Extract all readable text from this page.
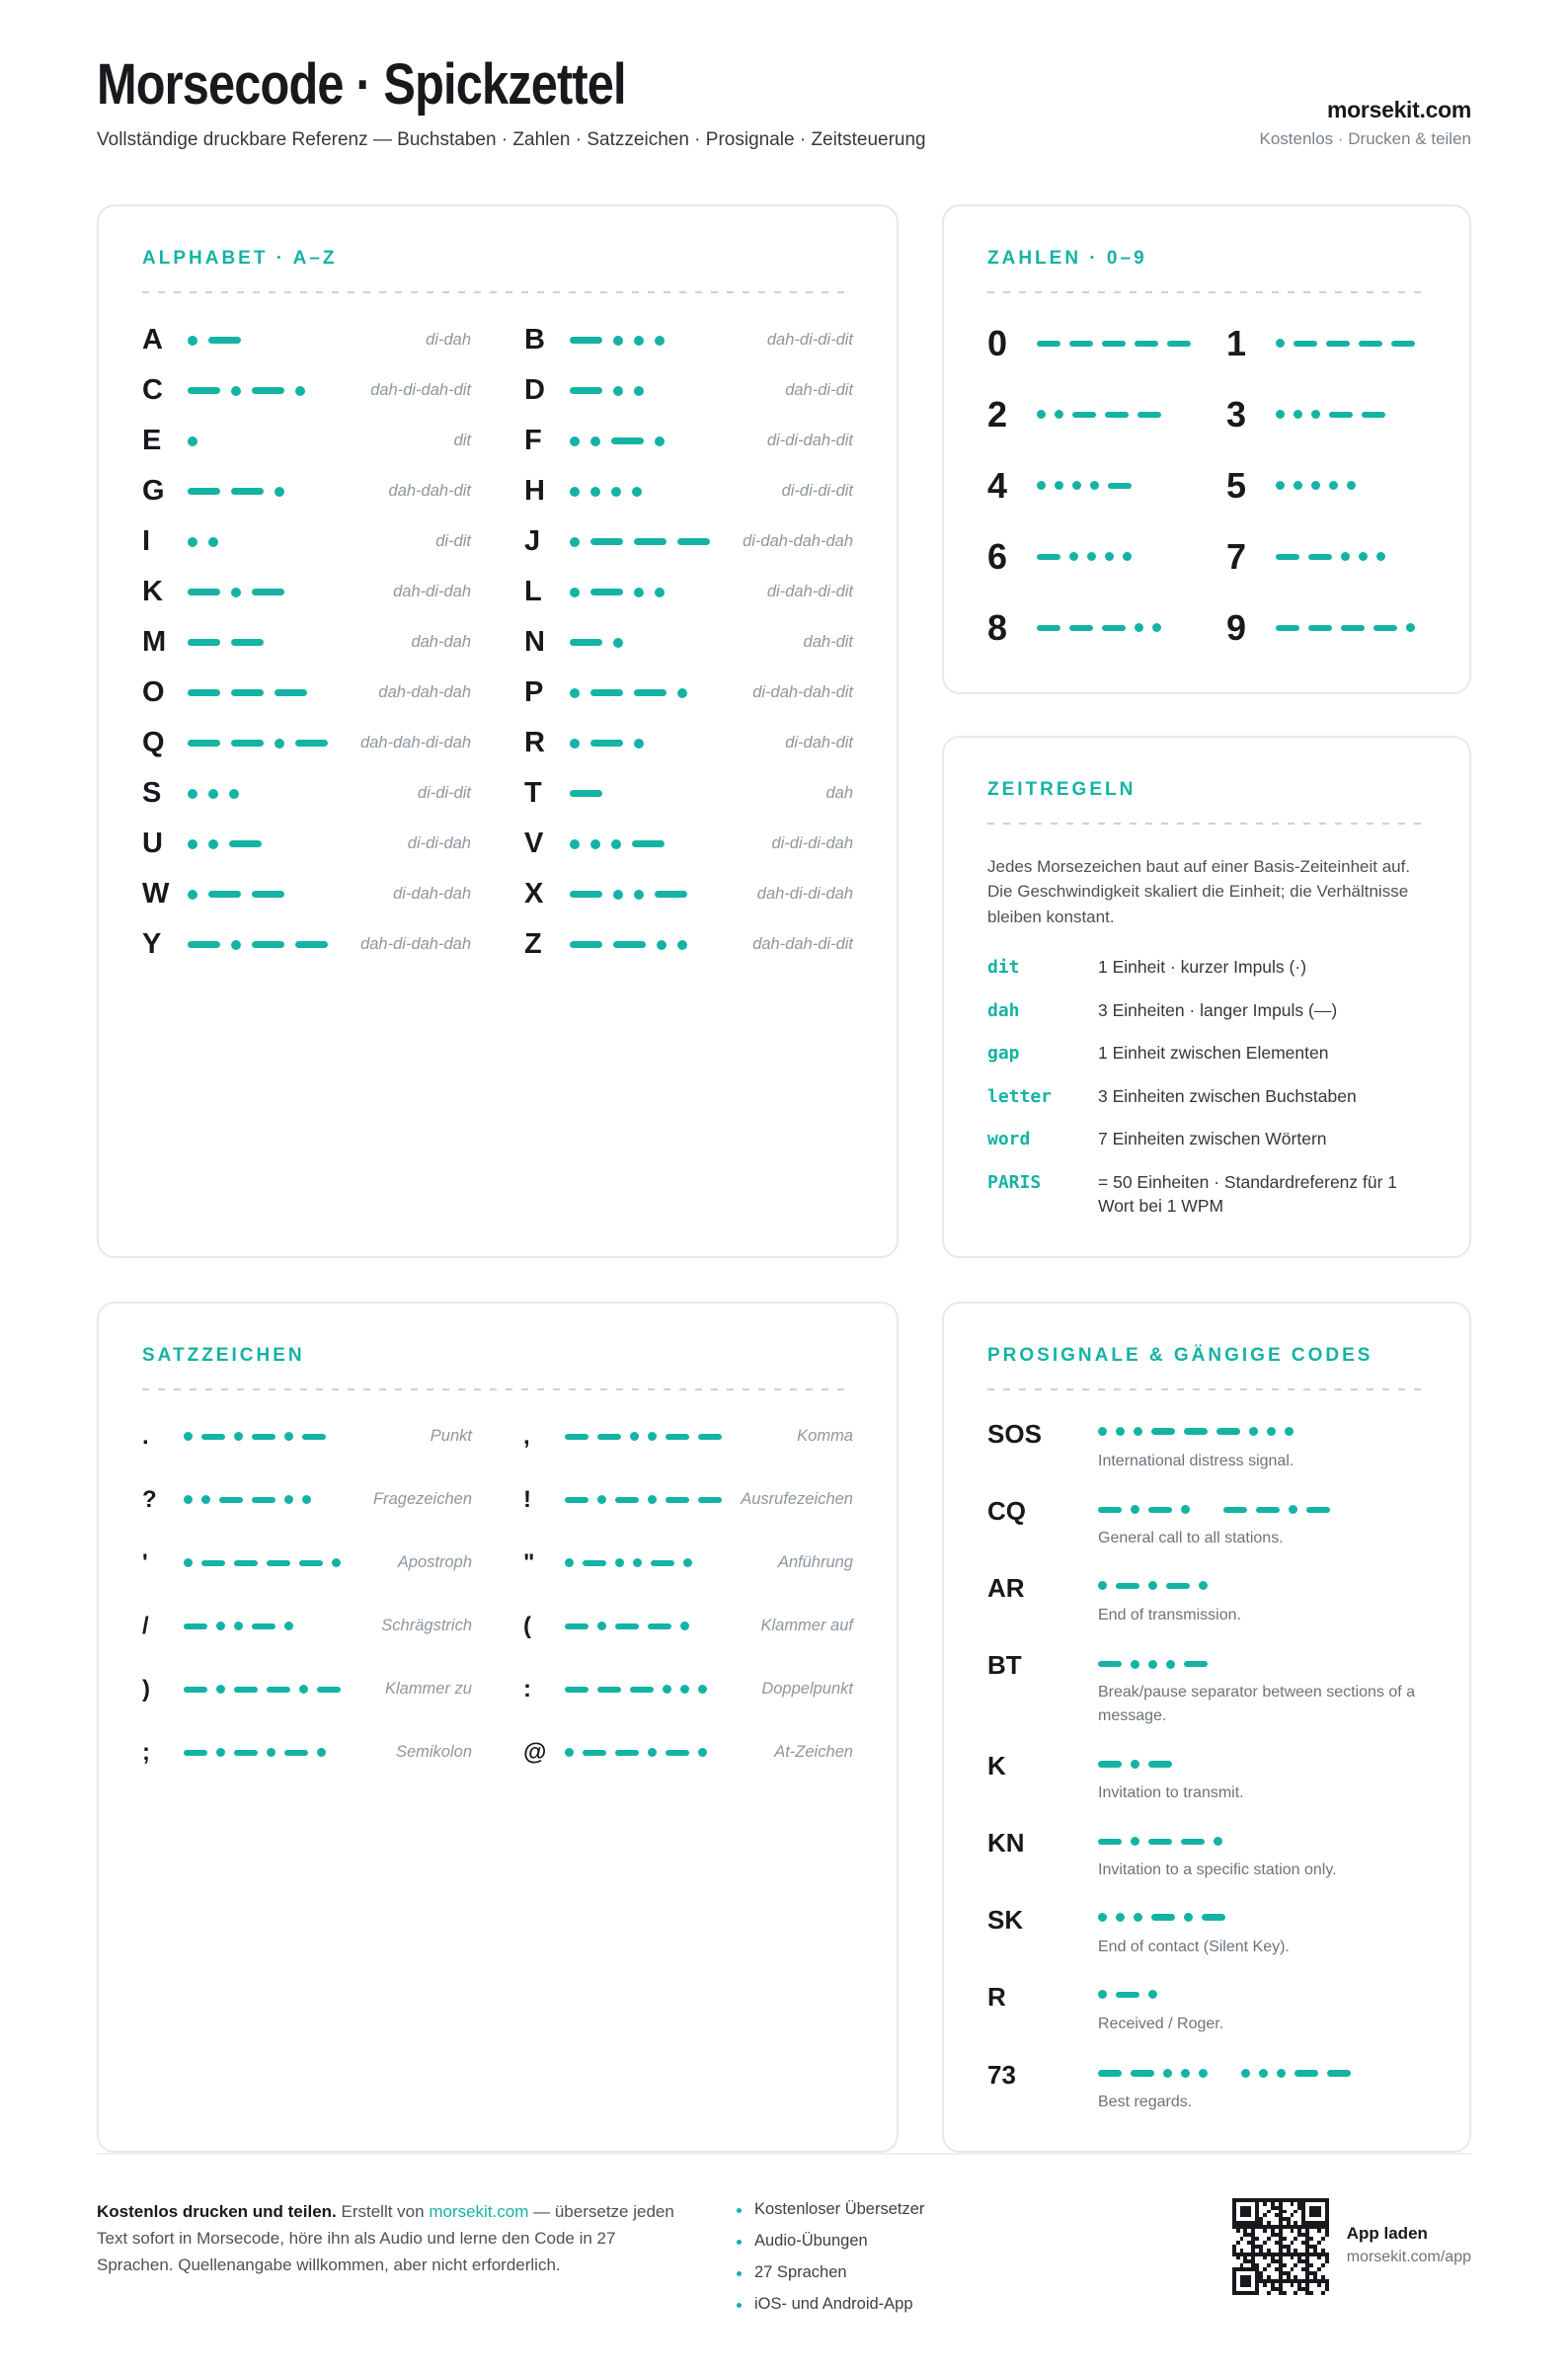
Morsecode · Spickzettel
Vollständige druckbare Referenz — Buchstaben · Zahlen · Satzzeichen · Prosignale · Zeitsteuerung
morsekit.com
Kostenlos · Drucken & teilen
ALPHABET · A–Z
A	di-dah B	dah-di-di-dit
C	dah-di-dah-dit D	dah-di-dit
E	dit F	di-di-dah-dit
G	dah-dah-dit H	di-di-di-dit
I	di-dit J	di-dah-dah-dah
K	dah-di-dah L	di-dah-di-dit
M	dah-dah N	dah-dit
O	dah-dah-dah P	di-dah-dah-dit
Q	dah-dah-di-dah R	di-dah-dit
S	di-di-dit T	dah
U	di-di-dah V	di-di-di-dah
W	di-dah-dah X	dah-di-di-dah
Y	dah-di-dah-dah Z	dah-dah-di-dit
ZAHLEN · 0–9
0	1
2	3
4	5
6	7
8	9
ZEITREGELN

Jedes Morsezeichen baut auf einer Basis-Zeiteinheit auf. Die Geschwindigkeit skaliert die Einheit; die Verhältnisse bleiben konstant.

dit	1 Einheit · kurzer Impuls (·)
dah	3 Einheiten · langer Impuls (—)
gap	1 Einheit zwischen Elementen
letter	3 Einheiten zwischen Buchstaben
word	7 Einheiten zwischen Wörtern
PARIS	= 50 Einheiten · Standardreferenz für 1 Wort bei 1 WPM
SATZZEICHEN
.	Punkt ,	Komma
?	Fragezeichen !	Ausrufezeichen
'	Apostroph "	Anführung
/	Schrägstrich (	Klammer auf
)	Klammer zu :	Doppelpunkt
;	Semikolon @	At-Zeichen
PROSIGNALE & GÄNGIGE CODES
SOS
International distress signal.
CQ
General call to all stations.
AR
End of transmission.
BT
Break/pause separator between sections of a message.
K
Invitation to transmit.
KN
Invitation to a specific station only.
SK
End of contact (Silent Key).
R
Received / Roger.
73
Best regards.

Kostenlos drucken und teilen. Erstellt von morsekit.com — übersetze jeden Text sofort in Morsecode, höre ihn als Audio und lerne den Code in 27 Sprachen. Quellenangabe willkommen, aber nicht erforderlich.

Kostenloser Übersetzer
Audio-Übungen
27 Sprachen
iOS- und Android-App
App laden
morsekit.com/app
